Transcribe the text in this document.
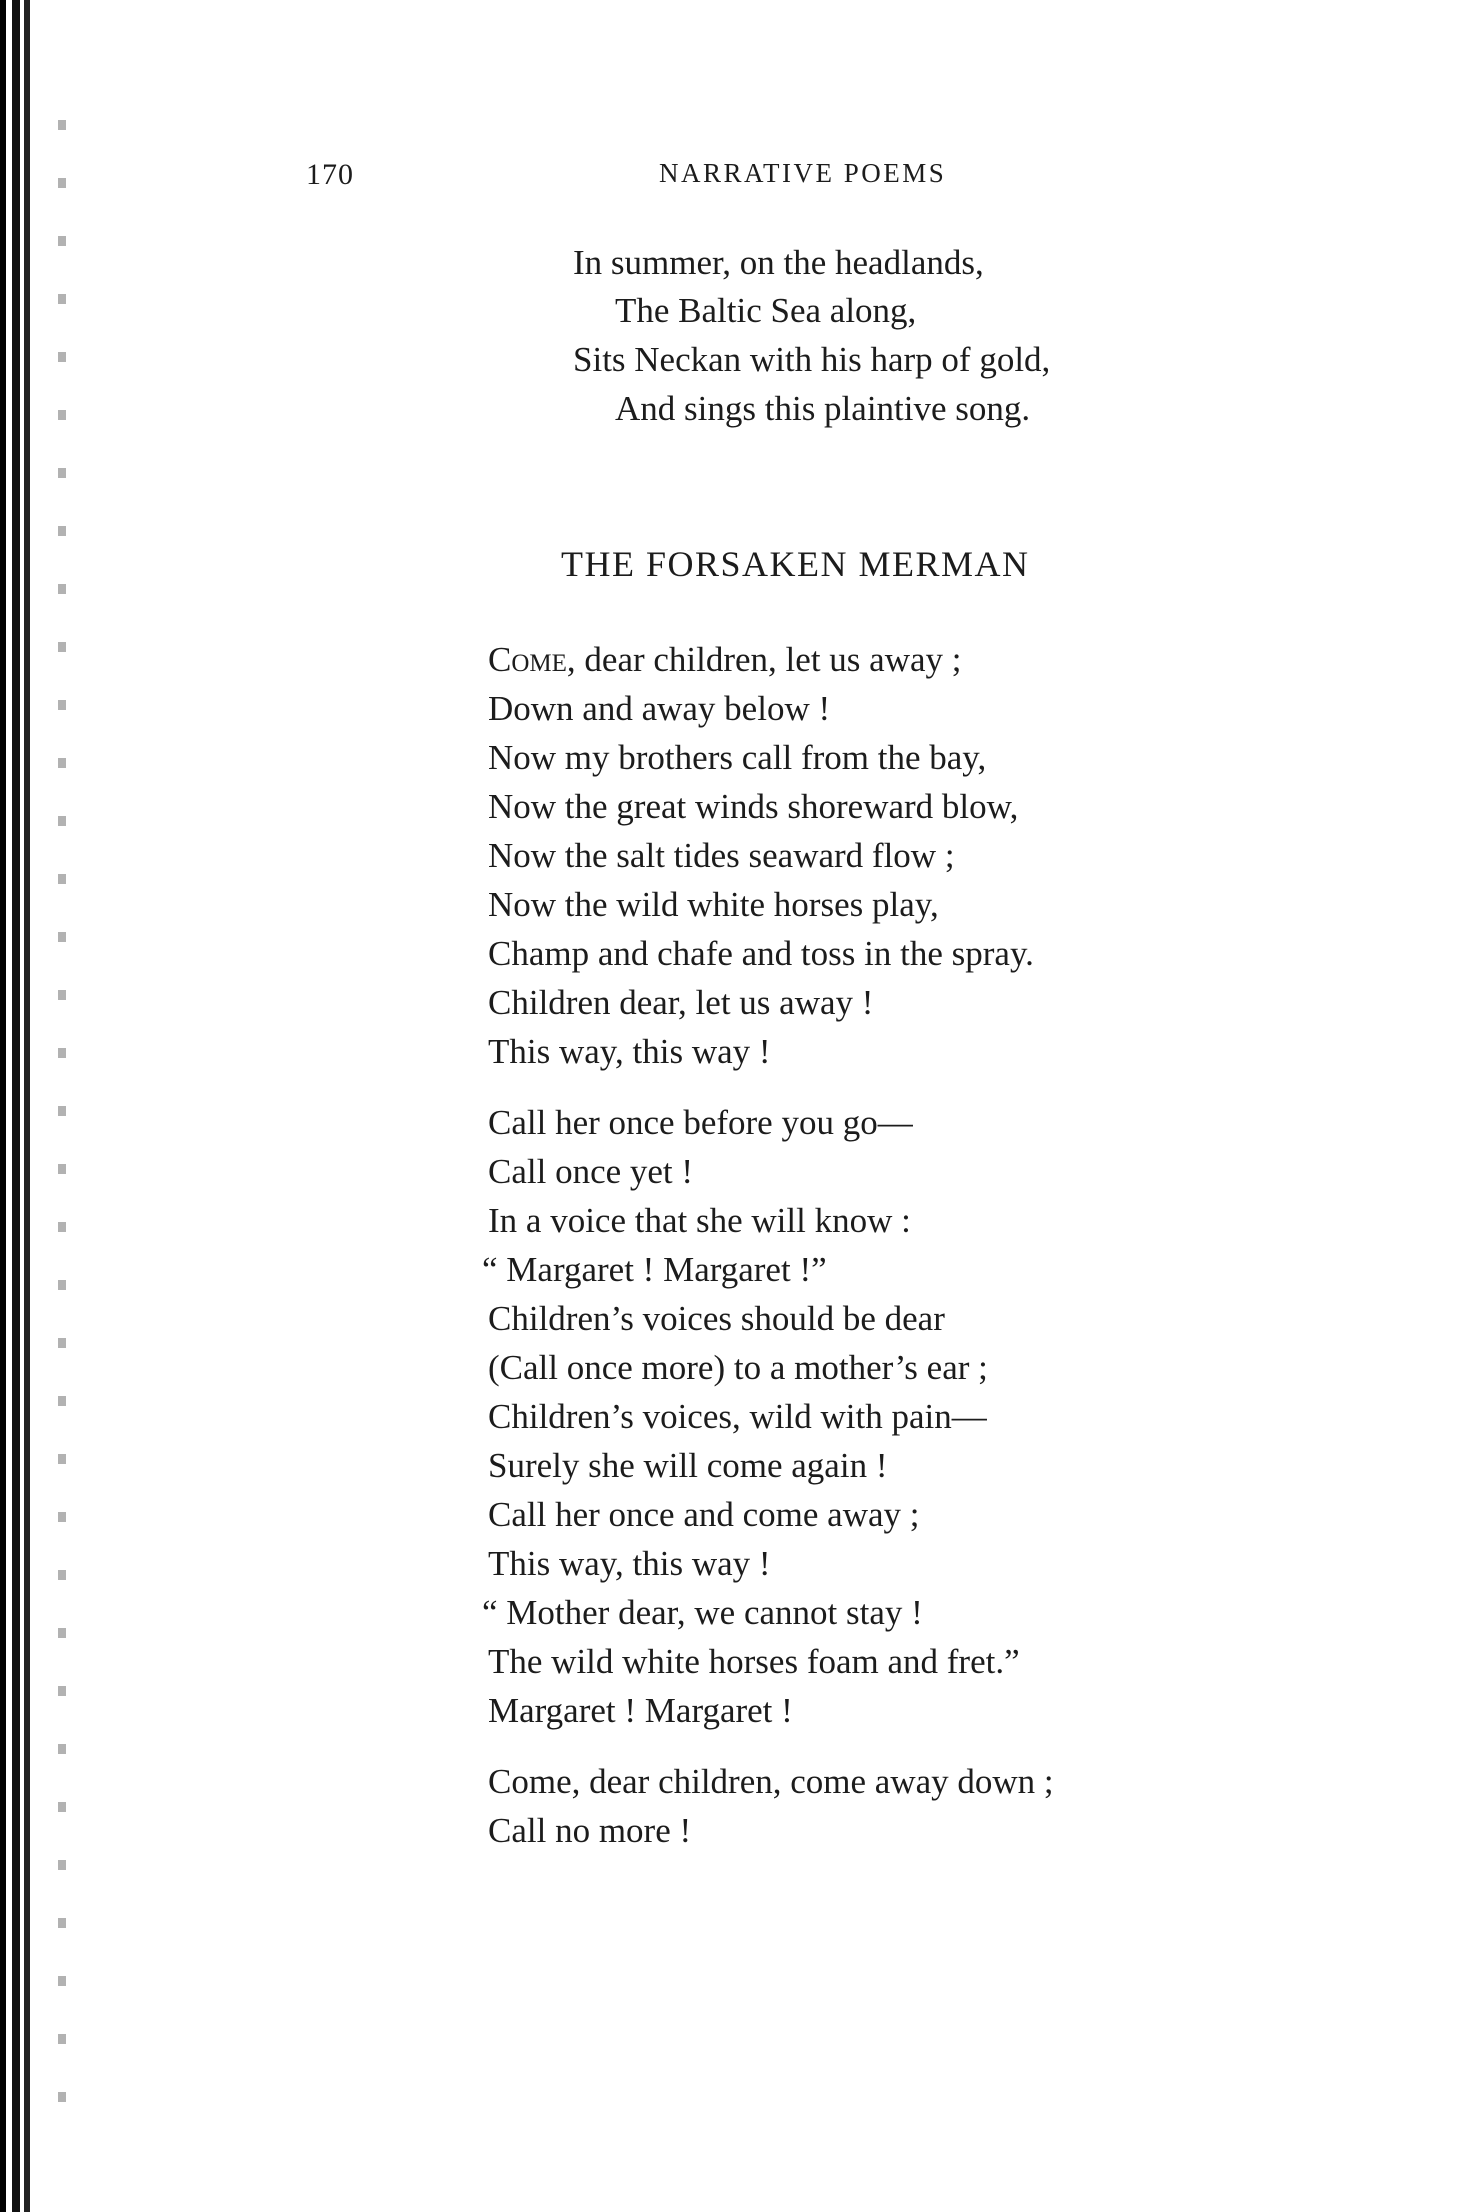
170	NARRATIVE POEMS
In summer, on the headlands,
The Baltic Sea along,
Sits Neckan with his harp of gold,
And sings this plaintive song.
THE FORSAKEN MERMAN
Come, dear children, let us away ;
Down and away below !
Now my brothers call from the bay,
Now the great winds shoreward blow,
Now the salt tides seaward flow ;
Now the wild white horses play,
Champ and chafe and toss in the spray.
Children dear, let us away !
This way, this way !
Call her once before you go—
Call once yet !
In a voice that she will know :
“ Margaret ! Margaret !”
Children’s voices should be dear
(Call once more) to a mother’s ear ;
Children’s voices, wild with pain—
Surely she will come again !
Call her once and come away ;
This way, this way !
“ Mother dear, we cannot stay !
The wild white horses foam and fret.”
Margaret ! Margaret !
Come, dear children, come away down ;
Call no more !
